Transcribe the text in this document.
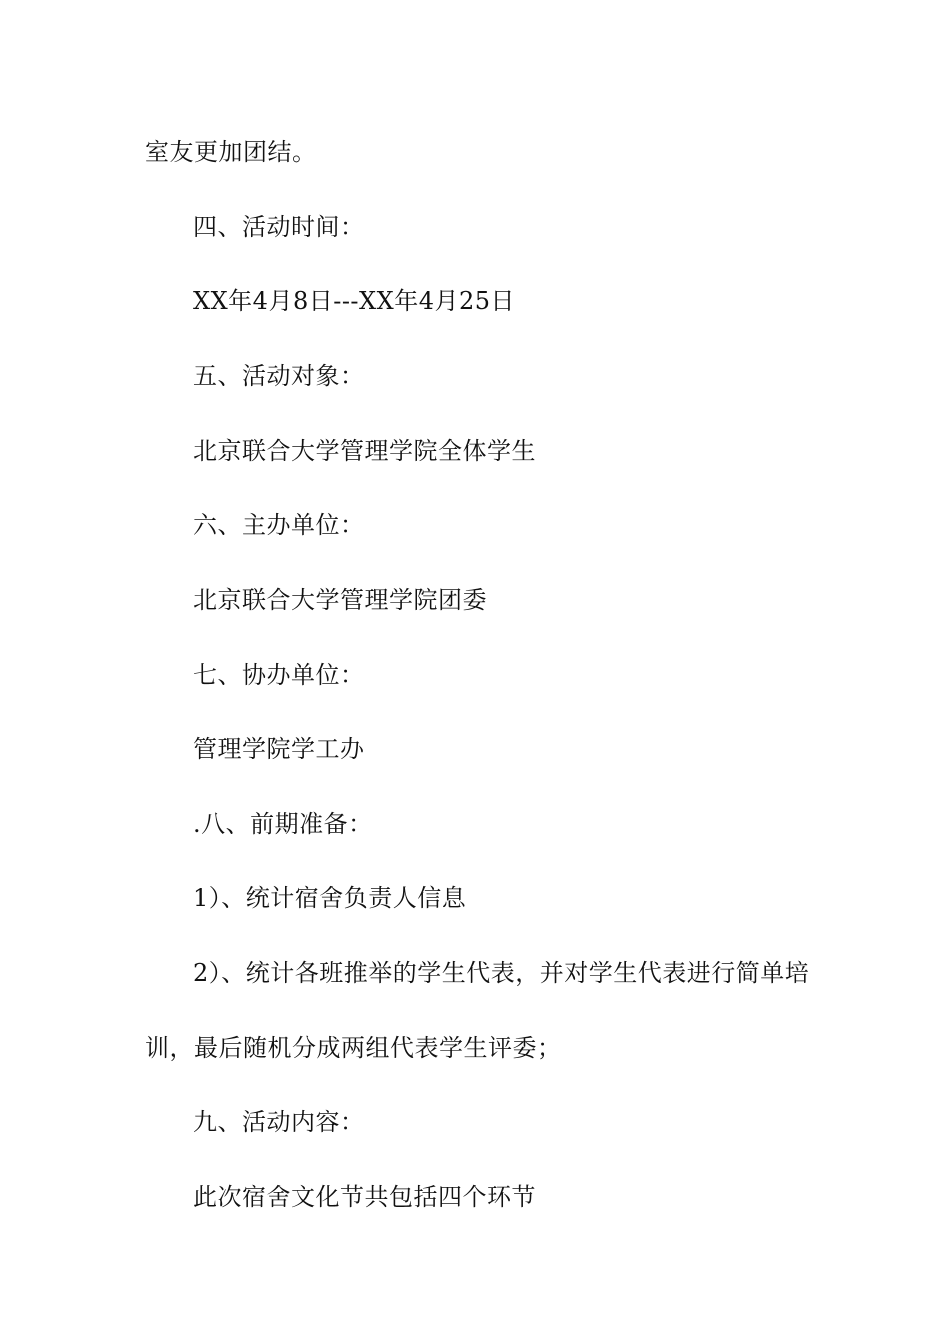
室友更加团结。
四、活动时间：
XX年4月8日---XX年4月25日
五、活动对象：
北京联合大学管理学院全体学生
六、主办单位：
北京联合大学管理学院团委
七、协办单位：
管理学院学工办
.八、前期准备：
1）、统计宿舍负责人信息
2）、统计各班推举的学生代表，并对学生代表进行简单培
训，最后随机分成两组代表学生评委；
九、活动内容：
此次宿舍文化节共包括四个环节
